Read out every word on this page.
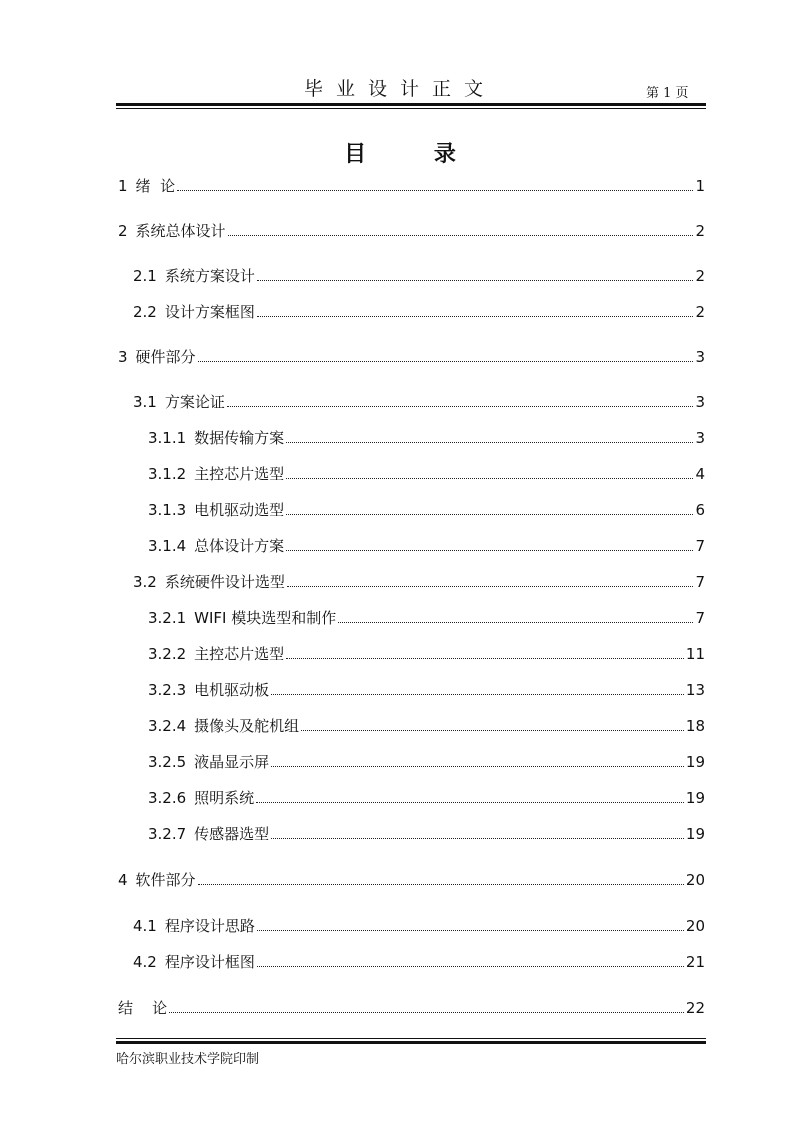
毕业设计正文	第 1 页
目 录
1 绪  论	1
2 系统总体设计	2
2.1 系统方案设计	2
2.2 设计方案框图	2
3 硬件部分	3
3.1 方案论证	3
3.1.1 数据传输方案	3
3.1.2 主控芯片选型	4
3.1.3 电机驱动选型	6
3.1.4 总体设计方案	7
3.2 系统硬件设计选型	7
3.2.1 WIFI 模块选型和制作	7
3.2.2 主控芯片选型	11
3.2.3 电机驱动板	13
3.2.4 摄像头及舵机组	18
3.2.5 液晶显示屏	19
3.2.6 照明系统	19
3.2.7 传感器选型	19
4 软件部分	20
4.1 程序设计思路	20
4.2 程序设计框图	21
结    论	22
哈尔滨职业技术学院印制
